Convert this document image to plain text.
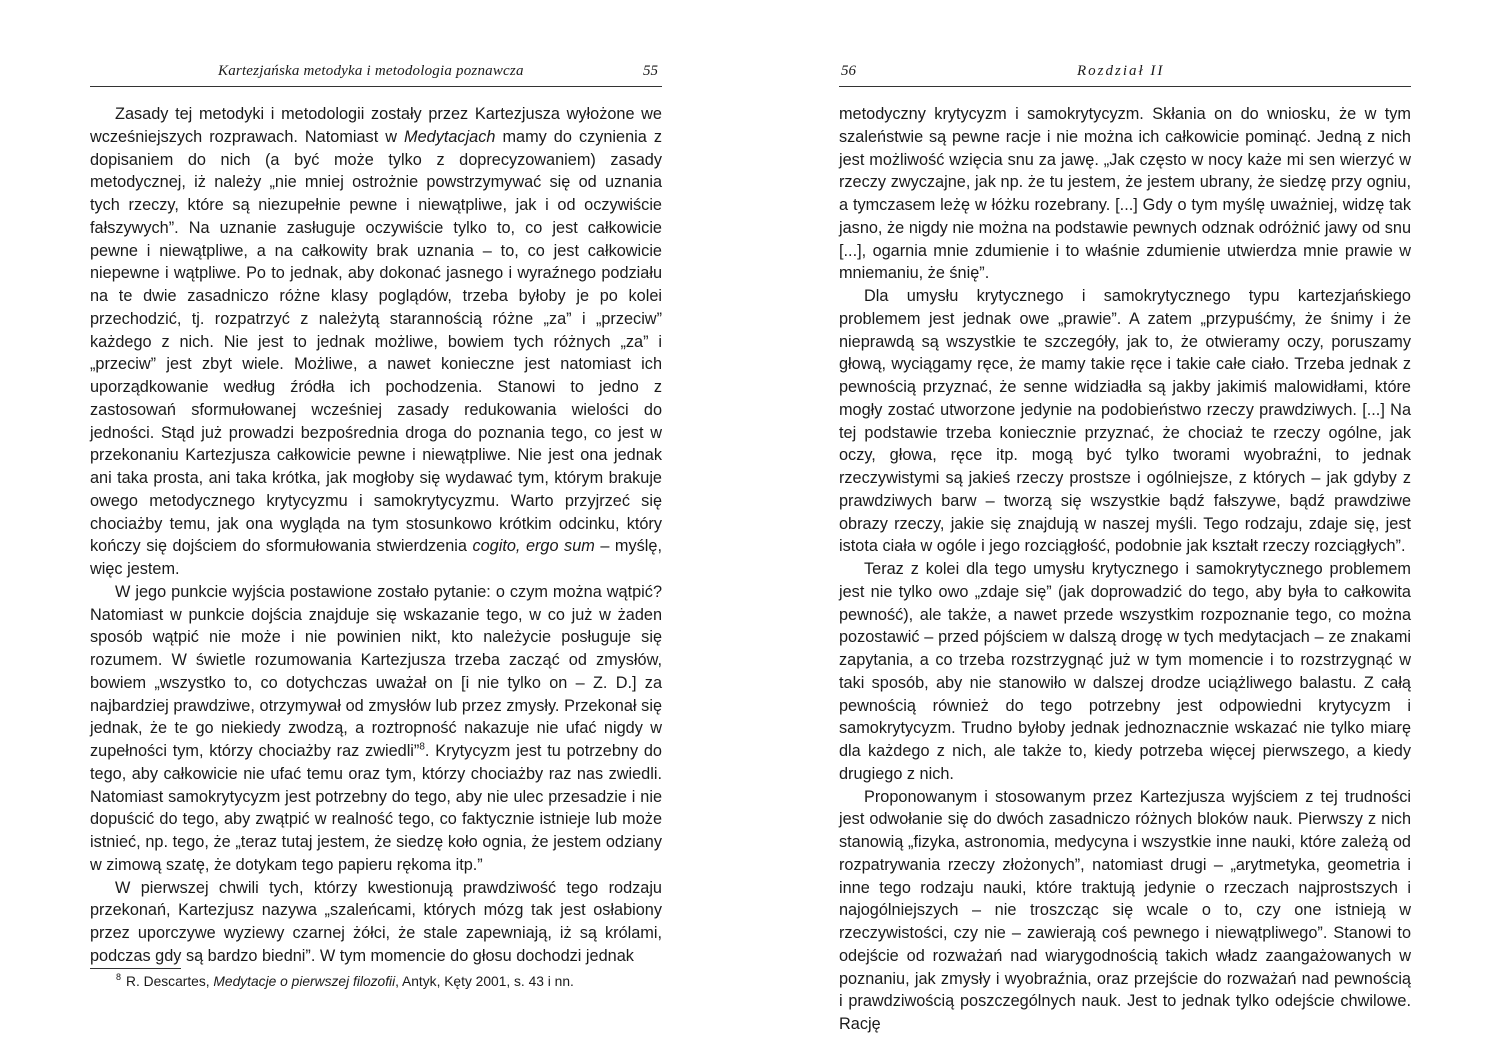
Kartezjańska metodyka i metodologia poznawcza	55

Zasady tej metodyki i metodologii zostały przez Kartezjusza wyłożone we wcześniejszych rozprawach. Natomiast w Medytacjach mamy do czynienia z dopisaniem do nich (a być może tylko z doprecyzowaniem) zasady metodycznej, iż należy „nie mniej ostrożnie powstrzymywać się od uznania tych rzeczy, które są niezupełnie pewne i niewątpliwe, jak i od oczywiście fałszywych”. Na uznanie zasługuje oczywiście tylko to, co jest całkowicie pewne i niewątpliwe, a na całkowity brak uznania – to, co jest całkowicie niepewne i wątpliwe. Po to jednak, aby dokonać jasnego i wyraźnego podziału na te dwie zasadniczo różne klasy poglądów, trzeba byłoby je po kolei przechodzić, tj. rozpatrzyć z należytą starannością różne „za” i „przeciw” każdego z nich. Nie jest to jednak możliwe, bowiem tych różnych „za” i „przeciw” jest zbyt wiele. Możliwe, a nawet konieczne jest natomiast ich uporządkowanie według źródła ich pochodzenia. Stanowi to jedno z zastosowań sformułowanej wcześniej zasady redukowania wielości do jedności. Stąd już prowadzi bezpośrednia droga do poznania tego, co jest w przekonaniu Kartezjusza całkowicie pewne i niewątpliwe. Nie jest ona jednak ani taka prosta, ani taka krótka, jak mogłoby się wydawać tym, którym brakuje owego metodycznego krytycyzmu i samokrytycyzmu. Warto przyjrzeć się chociażby temu, jak ona wygląda na tym stosunkowo krótkim odcinku, który kończy się dojściem do sformułowania stwierdzenia cogito, ergo sum – myślę, więc jestem.

W jego punkcie wyjścia postawione zostało pytanie: o czym można wątpić? Natomiast w punkcie dojścia znajduje się wskazanie tego, w co już w żaden sposób wątpić nie może i nie powinien nikt, kto należycie posługuje się rozumem. W świetle rozumowania Kartezjusza trzeba zacząć od zmysłów, bowiem „wszystko to, co dotychczas uważał on [i nie tylko on – Z. D.] za najbardziej prawdziwe, otrzymywał od zmysłów lub przez zmysły. Przekonał się jednak, że te go niekiedy zwodzą, a roztropność nakazuje nie ufać nigdy w zupełności tym, którzy chociażby raz zwiedli”$^8$. Krytycyzm jest tu potrzebny do tego, aby całkowicie nie ufać temu oraz tym, którzy chociażby raz nas zwiedli. Natomiast samokrytycyzm jest potrzebny do tego, aby nie ulec przesadzie i nie dopuścić do tego, aby zwątpić w realność tego, co faktycznie istnieje lub może istnieć, np. tego, że „teraz tutaj jestem, że siedzę koło ognia, że jestem odziany w zimową szatę, że dotykam tego papieru rękoma itp.”

W pierwszej chwili tych, którzy kwestionują prawdziwość tego rodzaju przekonań, Kartezjusz nazywa „szaleńcami, których mózg tak jest osłabiony przez uporczywe wyziewy czarnej żółci, że stale zapewniają, iż są królami, podczas gdy są bardzo biedni”. W tym momencie do głosu dochodzi jednak

$^8$ R. Descartes, Medytacje o pierwszej filozofii, Antyk, Kęty 2001, s. 43 i nn.
56	Rozdział II

metodyczny krytycyzm i samokrytycyzm. Skłania on do wniosku, że w tym szaleństwie są pewne racje i nie można ich całkowicie pominąć. Jedną z nich jest możliwość wzięcia snu za jawę. „Jak często w nocy każe mi sen wierzyć w rzeczy zwyczajne, jak np. że tu jestem, że jestem ubrany, że siedzę przy ogniu, a tymczasem leżę w łóżku rozebrany. [...] Gdy o tym myślę uważniej, widzę tak jasno, że nigdy nie można na podstawie pewnych odznak odróżnić jawy od snu [...], ogarnia mnie zdumienie i to właśnie zdumienie utwierdza mnie prawie w mniemaniu, że śnię”.

Dla umysłu krytycznego i samokrytycznego typu kartezjańskiego problemem jest jednak owe „prawie”. A zatem „przypuśćmy, że śnimy i że nieprawdą są wszystkie te szczegóły, jak to, że otwieramy oczy, poruszamy głową, wyciągamy ręce, że mamy takie ręce i takie całe ciało. Trzeba jednak z pewnością przyznać, że senne widziadła są jakby jakimiś malowidłami, które mogły zostać utworzone jedynie na podobieństwo rzeczy prawdziwych. [...] Na tej podstawie trzeba koniecznie przyznać, że chociaż te rzeczy ogólne, jak oczy, głowa, ręce itp. mogą być tylko tworami wyobraźni, to jednak rzeczywistymi są jakieś rzeczy prostsze i ogólniejsze, z których – jak gdyby z prawdziwych barw – tworzą się wszystkie bądź fałszywe, bądź prawdziwe obrazy rzeczy, jakie się znajdują w naszej myśli. Tego rodzaju, zdaje się, jest istota ciała w ogóle i jego rozciągłość, podobnie jak kształt rzeczy rozciągłych”.

Teraz z kolei dla tego umysłu krytycznego i samokrytycznego problemem jest nie tylko owo „zdaje się” (jak doprowadzić do tego, aby była to całkowita pewność), ale także, a nawet przede wszystkim rozpoznanie tego, co można pozostawić – przed pójściem w dalszą drogę w tych medytacjach – ze znakami zapytania, a co trzeba rozstrzygnąć już w tym momencie i to rozstrzygnąć w taki sposób, aby nie stanowiło w dalszej drodze uciążliwego balastu. Z całą pewnością również do tego potrzebny jest odpowiedni krytycyzm i samokrytycyzm. Trudno byłoby jednak jednoznacznie wskazać nie tylko miarę dla każdego z nich, ale także to, kiedy potrzeba więcej pierwszego, a kiedy drugiego z nich.

Proponowanym i stosowanym przez Kartezjusza wyjściem z tej trudności jest odwołanie się do dwóch zasadniczo różnych bloków nauk. Pierwszy z nich stanowią „fizyka, astronomia, medycyna i wszystkie inne nauki, które zależą od rozpatrywania rzeczy złożonych”, natomiast drugi – „arytmetyka, geometria i inne tego rodzaju nauki, które traktują jedynie o rzeczach najprostszych i najogólniejszych – nie troszcząc się wcale o to, czy one istnieją w rzeczywistości, czy nie – zawierają coś pewnego i niewątpliwego”. Stanowi to odejście od rozważań nad wiarygodnością takich władz zaangażowanych w poznaniu, jak zmysły i wyobraźnia, oraz przejście do rozważań nad pewnością i prawdziwością poszczególnych nauk. Jest to jednak tylko odejście chwilowe. Rację
